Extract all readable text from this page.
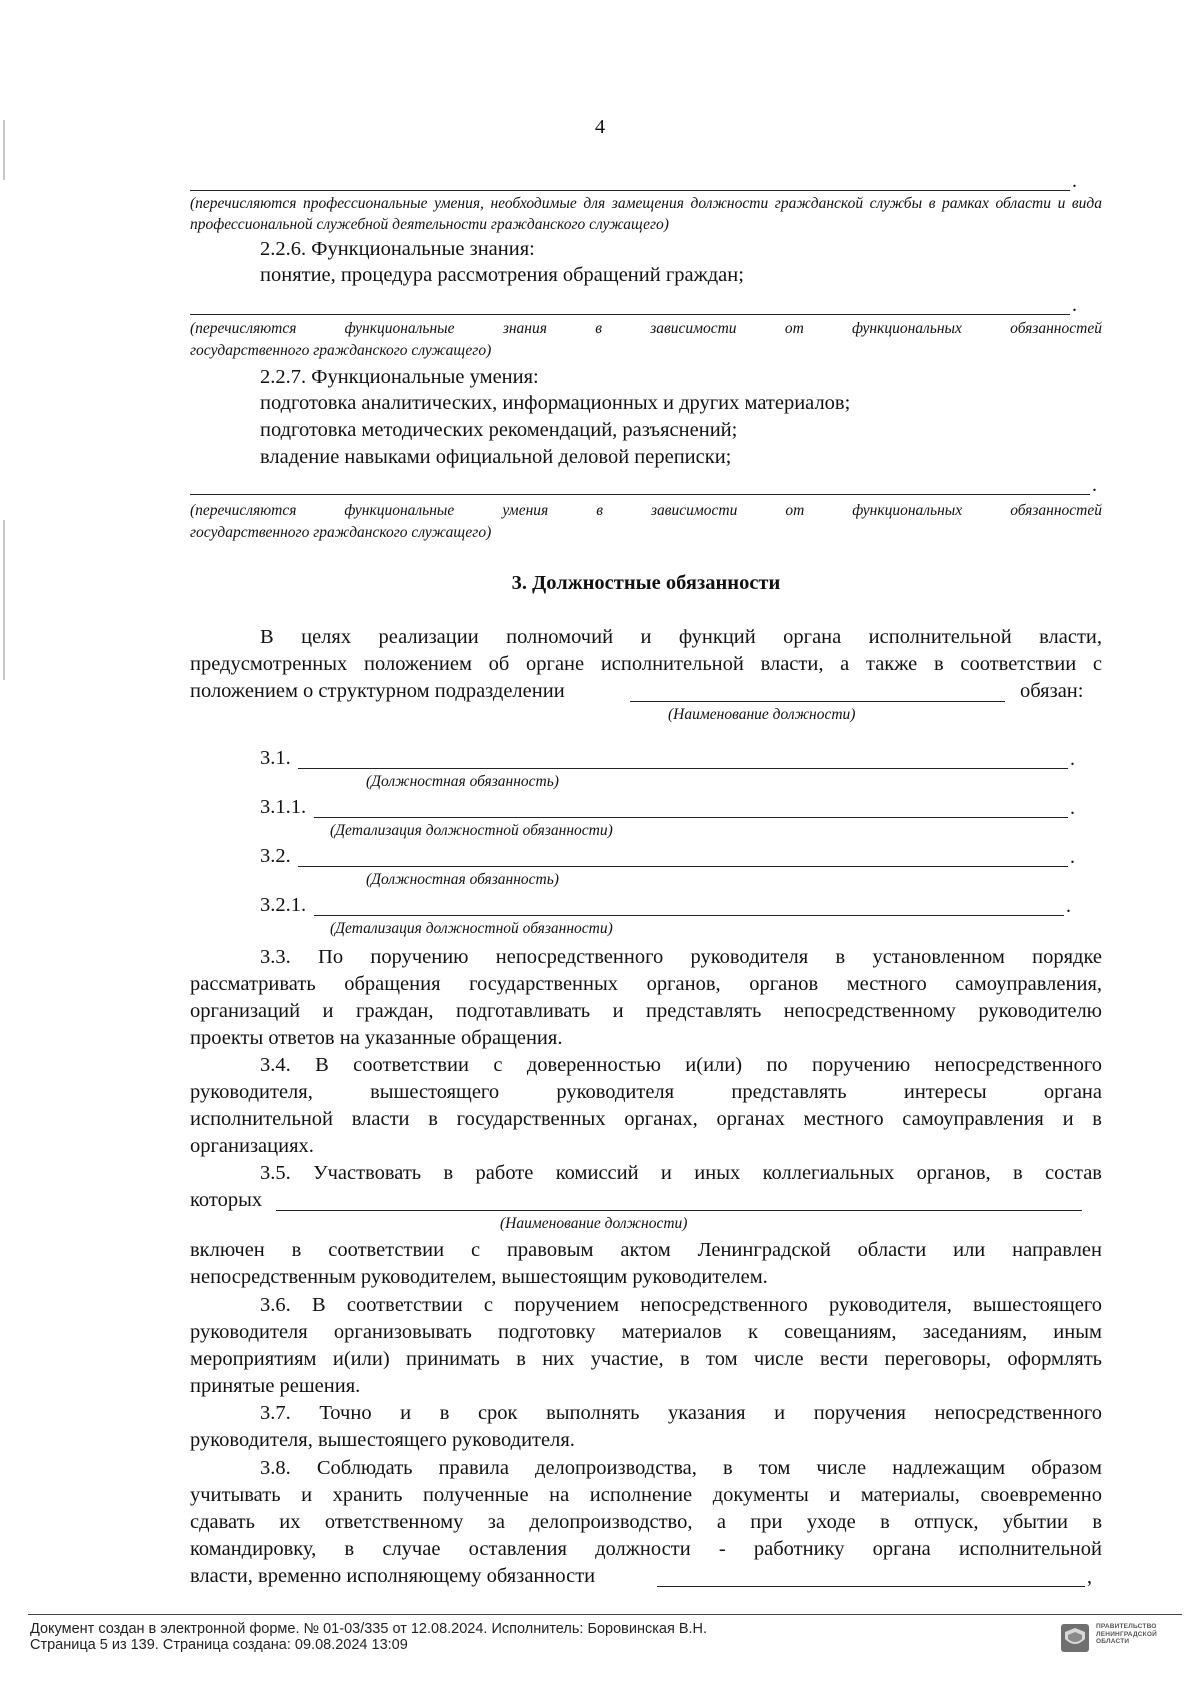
4
.
(перечисляются профессиональные умения, необходимые для замещения должности гражданской службы в рамках области и вида профессиональной служебной деятельности гражданского служащего)
2.2.6. Функциональные знания:
понятие, процедура рассмотрения обращений граждан;
.
(перечисляются	функциональные	знания	в	зависимости	от	функциональных	обязанностей
государственного гражданского служащего)
2.2.7. Функциональные умения:
подготовка аналитических, информационных и других материалов;
подготовка методических рекомендаций, разъяснений;
владение навыками официальной деловой переписки;
.
(перечисляются	функциональные	умения	в	зависимости	от	функциональных	обязанностей
государственного гражданского служащего)
3. Должностные обязанности
В целях реализации полномочий и функций органа исполнительной власти,
предусмотренных положением об органе исполнительной власти, а также в соответствии с
положением о структурном подразделении	обязан:
(Наименование должности)
3.1.	.
(Должностная обязанность)
3.1.1.	.
(Детализация должностной обязанности)
3.2.	.
(Должностная обязанность)
3.2.1.	.
(Детализация должностной обязанности)
3.3. По поручению непосредственного руководителя в установленном порядке
рассматривать обращения государственных органов, органов местного самоуправления,
организаций и граждан, подготавливать и представлять непосредственному руководителю
проекты ответов на указанные обращения.
3.4. В соответствии с доверенностью и(или) по поручению непосредственного
руководителя, вышестоящего руководителя представлять интересы органа
исполнительной власти в государственных органах, органах местного самоуправления и в
организациях.
3.5. Участвовать в работе комиссий и иных коллегиальных органов, в состав
которых
(Наименование должности)
включен в соответствии с правовым актом Ленинградской области или направлен
непосредственным руководителем, вышестоящим руководителем.
3.6. В соответствии с поручением непосредственного руководителя, вышестоящего
руководителя организовывать подготовку материалов к совещаниям, заседаниям, иным
мероприятиям и(или) принимать в них участие, в том числе вести переговоры, оформлять
принятые решения.
3.7. Точно и в срок выполнять указания и поручения непосредственного
руководителя, вышестоящего руководителя.
3.8. Соблюдать правила делопроизводства, в том числе надлежащим образом
учитывать и хранить полученные на исполнение документы и материалы, своевременно
сдавать их ответственному за делопроизводство, а при уходе в отпуск, убытии в
командировку, в случае оставления должности - работнику органа исполнительной
власти, временно исполняющему обязанности	,
Документ создан в электронной форме. № 01-03/335 от 12.08.2024. Исполнитель: Боровинская В.Н.
Страница 5 из 139. Страница создана: 09.08.2024 13:09
ПРАВИТЕЛЬСТВО
ЛЕНИНГРАДСКОЙ
ОБЛАСТИ
